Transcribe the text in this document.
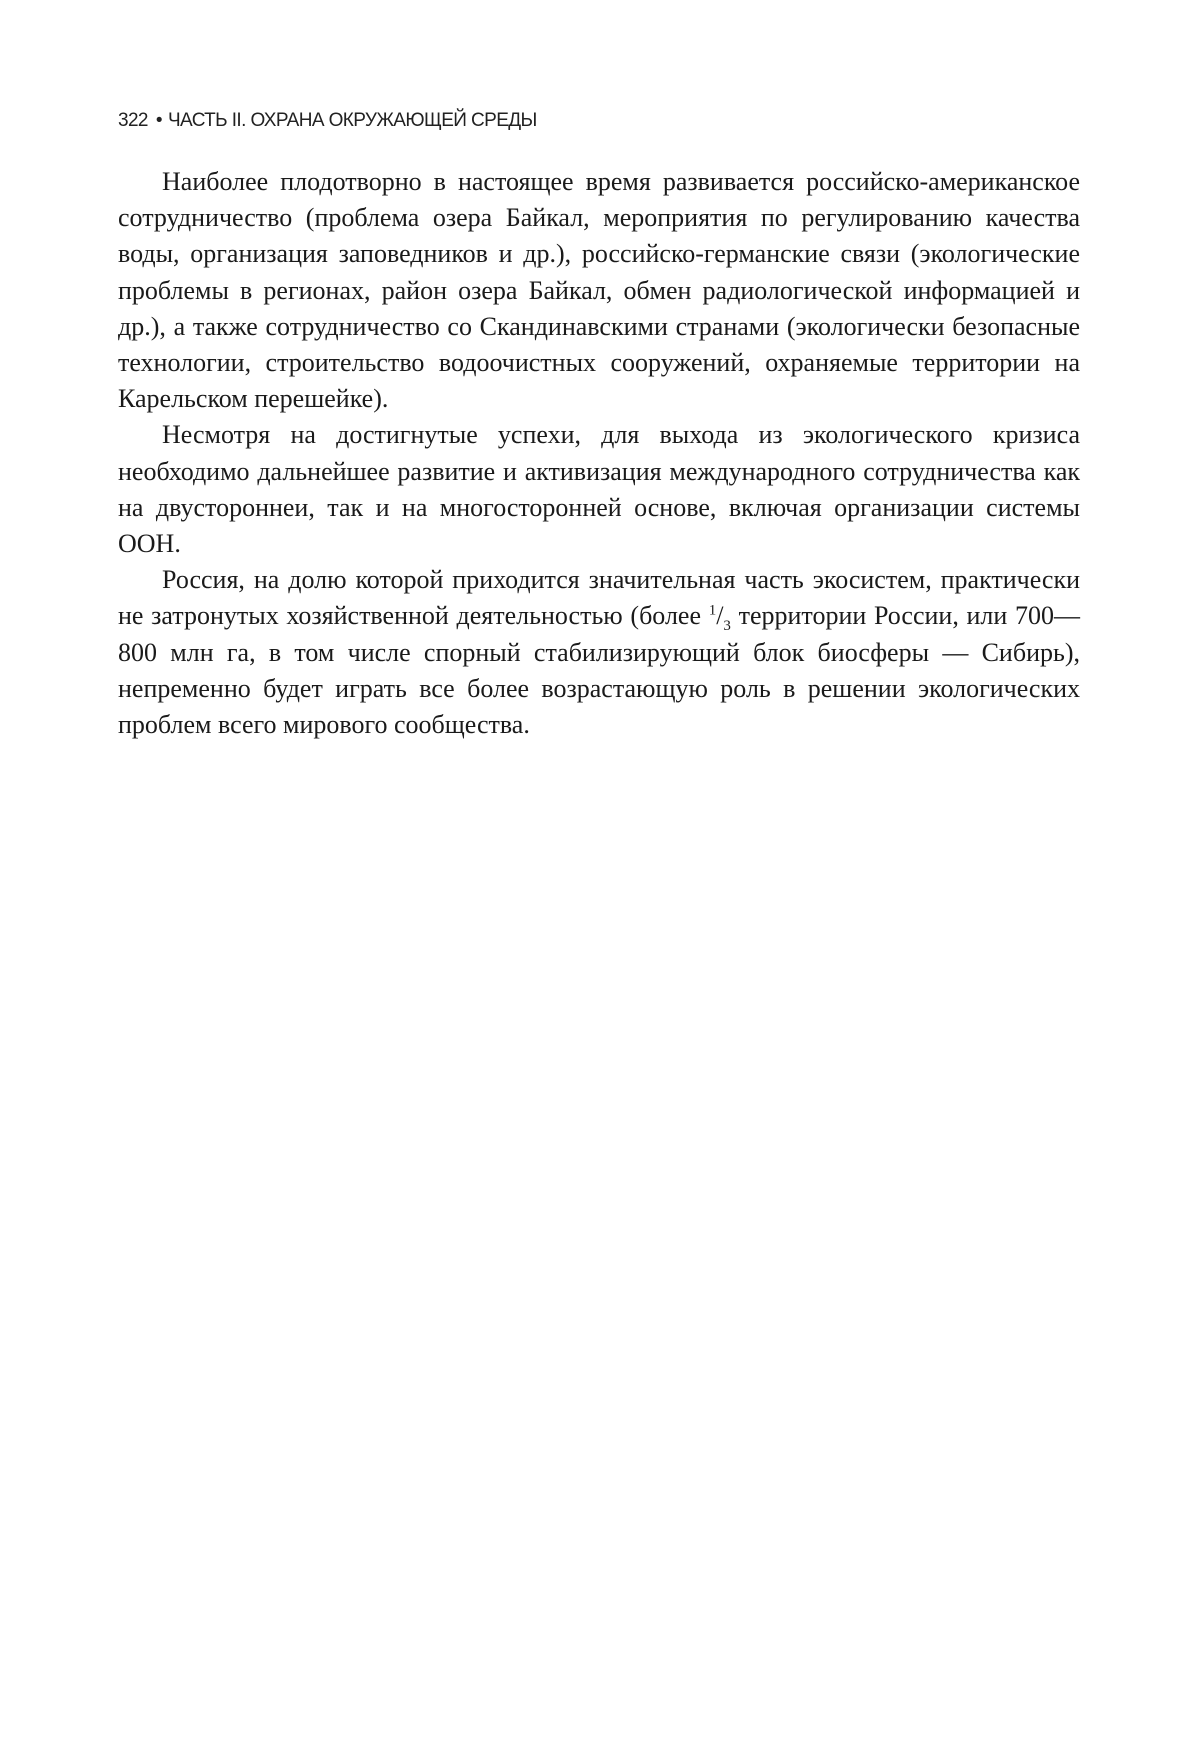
322 • ЧАСТЬ II. ОХРАНА ОКРУЖАЮЩЕЙ СРЕДЫ

Наиболее плодотворно в настоящее время развивается российско-американское сотрудничество (проблема озера Байкал, мероприятия по регулированию качества воды, организация заповедников и др.), российско-германские связи (экологические проблемы в регионах, район озера Байкал, обмен радиологической информацией и др.), а также сотрудничество со Скандинавскими странами (экологически безопасные технологии, строительство водоочистных сооружений, охраняемые территории на Карельском перешейке).

Несмотря на достигнутые успехи, для выхода из экологического кризиса необходимо дальнейшее развитие и активизация международного сотрудничества как на двустороннеи, так и на многосторонней основе, включая организации системы ООН.

Россия, на долю которой приходится значительная часть экосистем, практически не затронутых хозяйственной деятельностью (более $^1/_3$ территории России, или 700—800 млн га, в том числе спорный стабилизирующий блок биосферы — Сибирь), непременно будет играть все более возрастающую роль в решении экологических проблем всего мирового сообщества.
